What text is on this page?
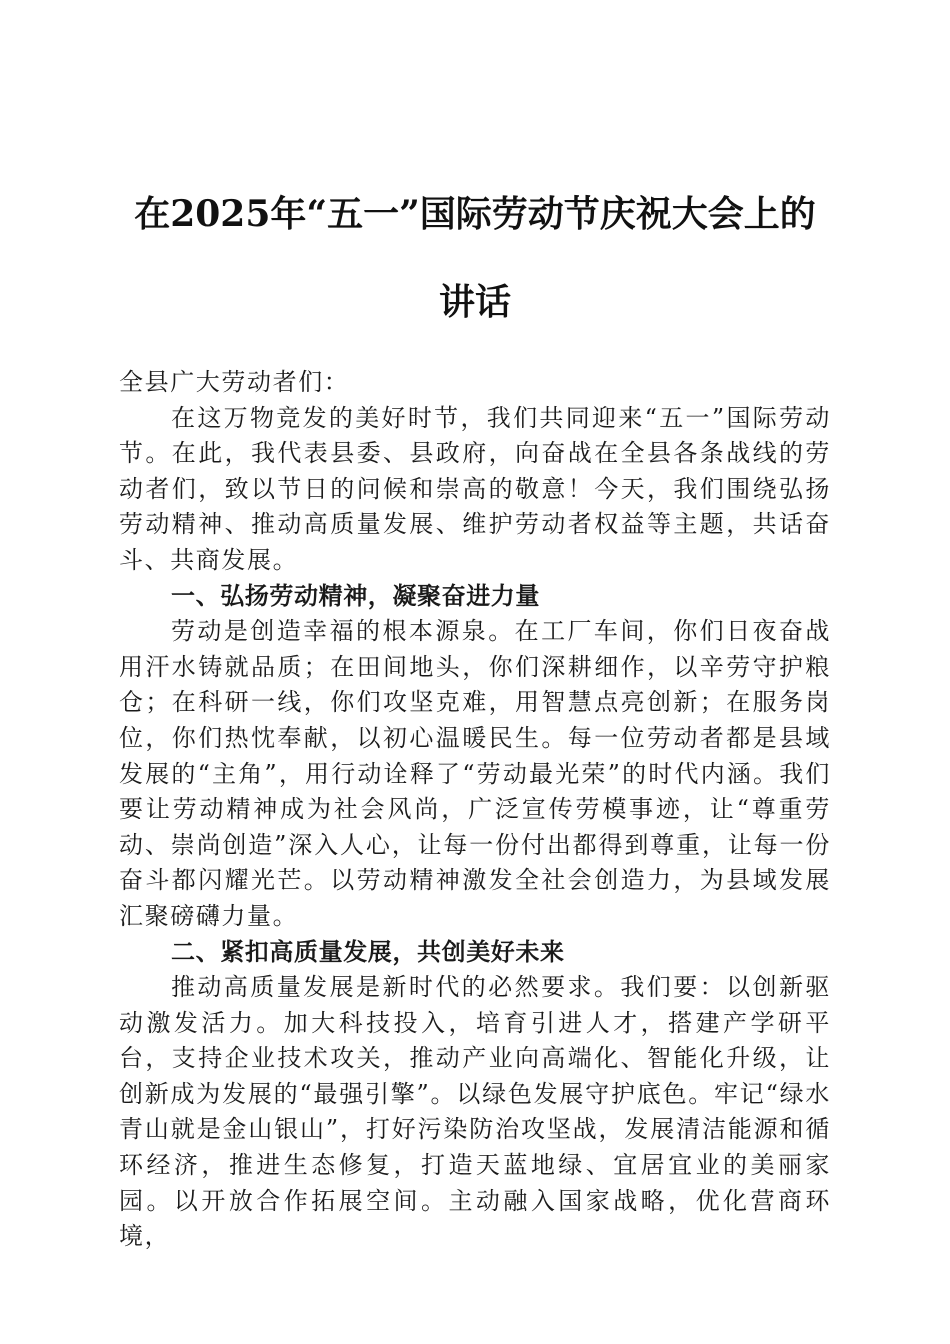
在2025年“五一”国际劳动节庆祝大会上的
讲话

全县广大劳动者们：

在这万物竞发的美好时节，我们共同迎来“五一”国际劳动节。在此，我代表县委、县政府，向奋战在全县各条战线的劳动者们，致以节日的问候和崇高的敬意！今天，我们围绕弘扬劳动精神、推动高质量发展、维护劳动者权益等主题，共话奋斗、共商发展。

一、弘扬劳动精神，凝聚奋进力量

劳动是创造幸福的根本源泉。在工厂车间，你们日夜奋战用汗水铸就品质；在田间地头，你们深耕细作，以辛劳守护粮仓；在科研一线，你们攻坚克难，用智慧点亮创新；在服务岗位，你们热忱奉献，以初心温暖民生。每一位劳动者都是县域发展的“主角”，用行动诠释了“劳动最光荣”的时代内涵。我们要让劳动精神成为社会风尚，广泛宣传劳模事迹，让“尊重劳动、崇尚创造”深入人心，让每一份付出都得到尊重，让每一份奋斗都闪耀光芒。以劳动精神激发全社会创造力，为县域发展汇聚磅礴力量。

二、紧扣高质量发展，共创美好未来

推动高质量发展是新时代的必然要求。我们要：以创新驱动激发活力。加大科技投入，培育引进人才，搭建产学研平台，支持企业技术攻关，推动产业向高端化、智能化升级，让创新成为发展的“最强引擎”。以绿色发展守护底色。牢记“绿水青山就是金山银山”，打好污染防治攻坚战，发展清洁能源和循环经济，推进生态修复，打造天蓝地绿、宜居宜业的美丽家园。以开放合作拓展空间。主动融入国家战略，优化营商环境，
